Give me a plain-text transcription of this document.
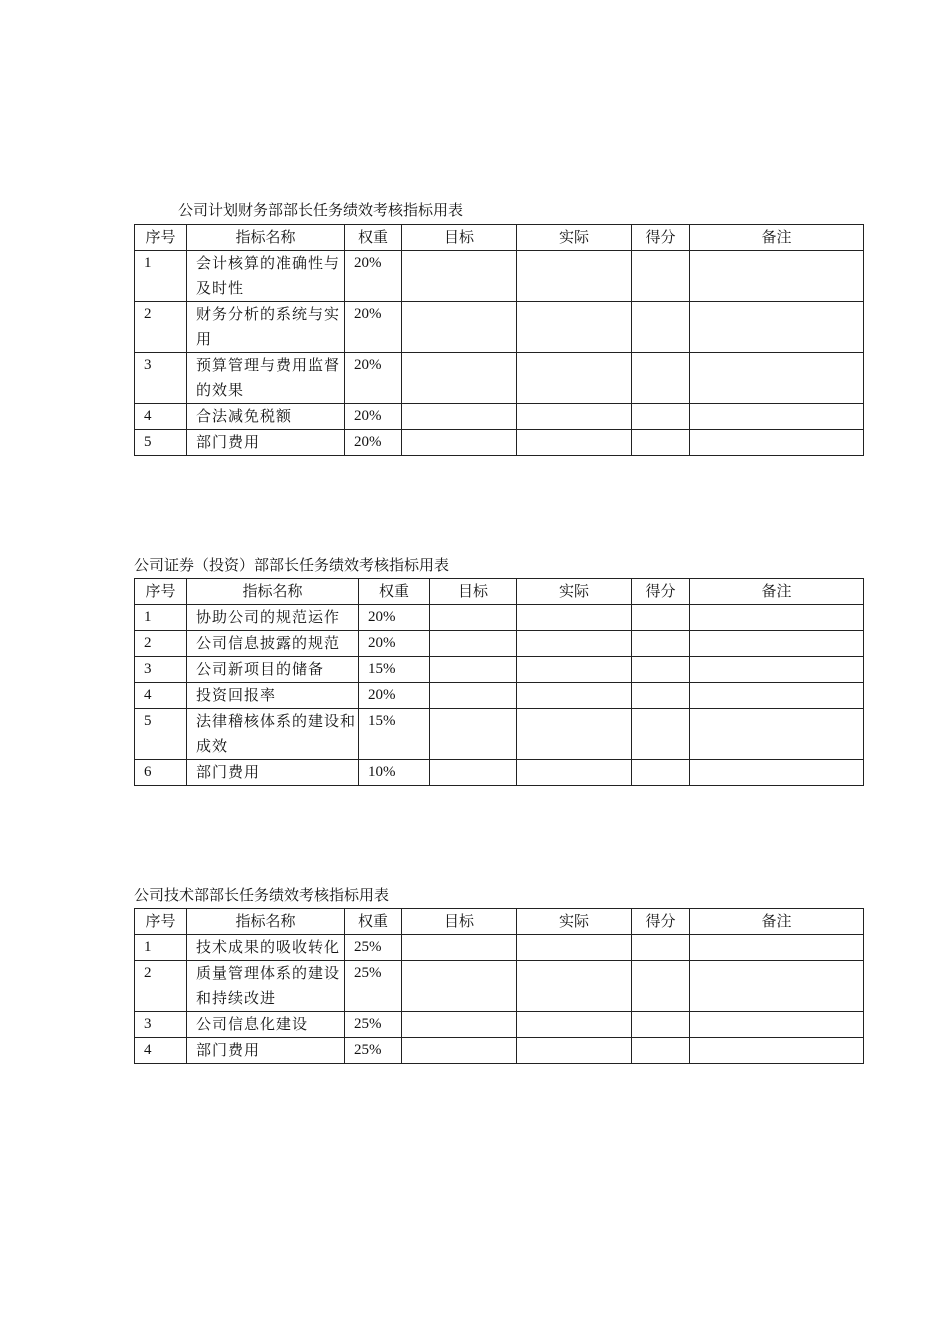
公司计划财务部部长任务绩效考核指标用表
序号	指标名称	权重	目标	实际	得分	备注
1	会计核算的准确性与及时性	20%				
2	财务分析的系统与实用	20%				
3	预算管理与费用监督的效果	20%				
4	合法减免税额	20%				
5	部门费用	20%				
公司证券（投资）部部长任务绩效考核指标用表
序号	指标名称	权重	目标	实际	得分	备注
1	协助公司的规范运作	20%				
2	公司信息披露的规范	20%				
3	公司新项目的储备	15%				
4	投资回报率	20%				
5	法律稽核体系的建设和成效	15%				
6	部门费用	10%				
公司技术部部长任务绩效考核指标用表
序号	指标名称	权重	目标	实际	得分	备注
1	技术成果的吸收转化	25%				
2	质量管理体系的建设和持续改进	25%				
3	公司信息化建设	25%				
4	部门费用	25%				
